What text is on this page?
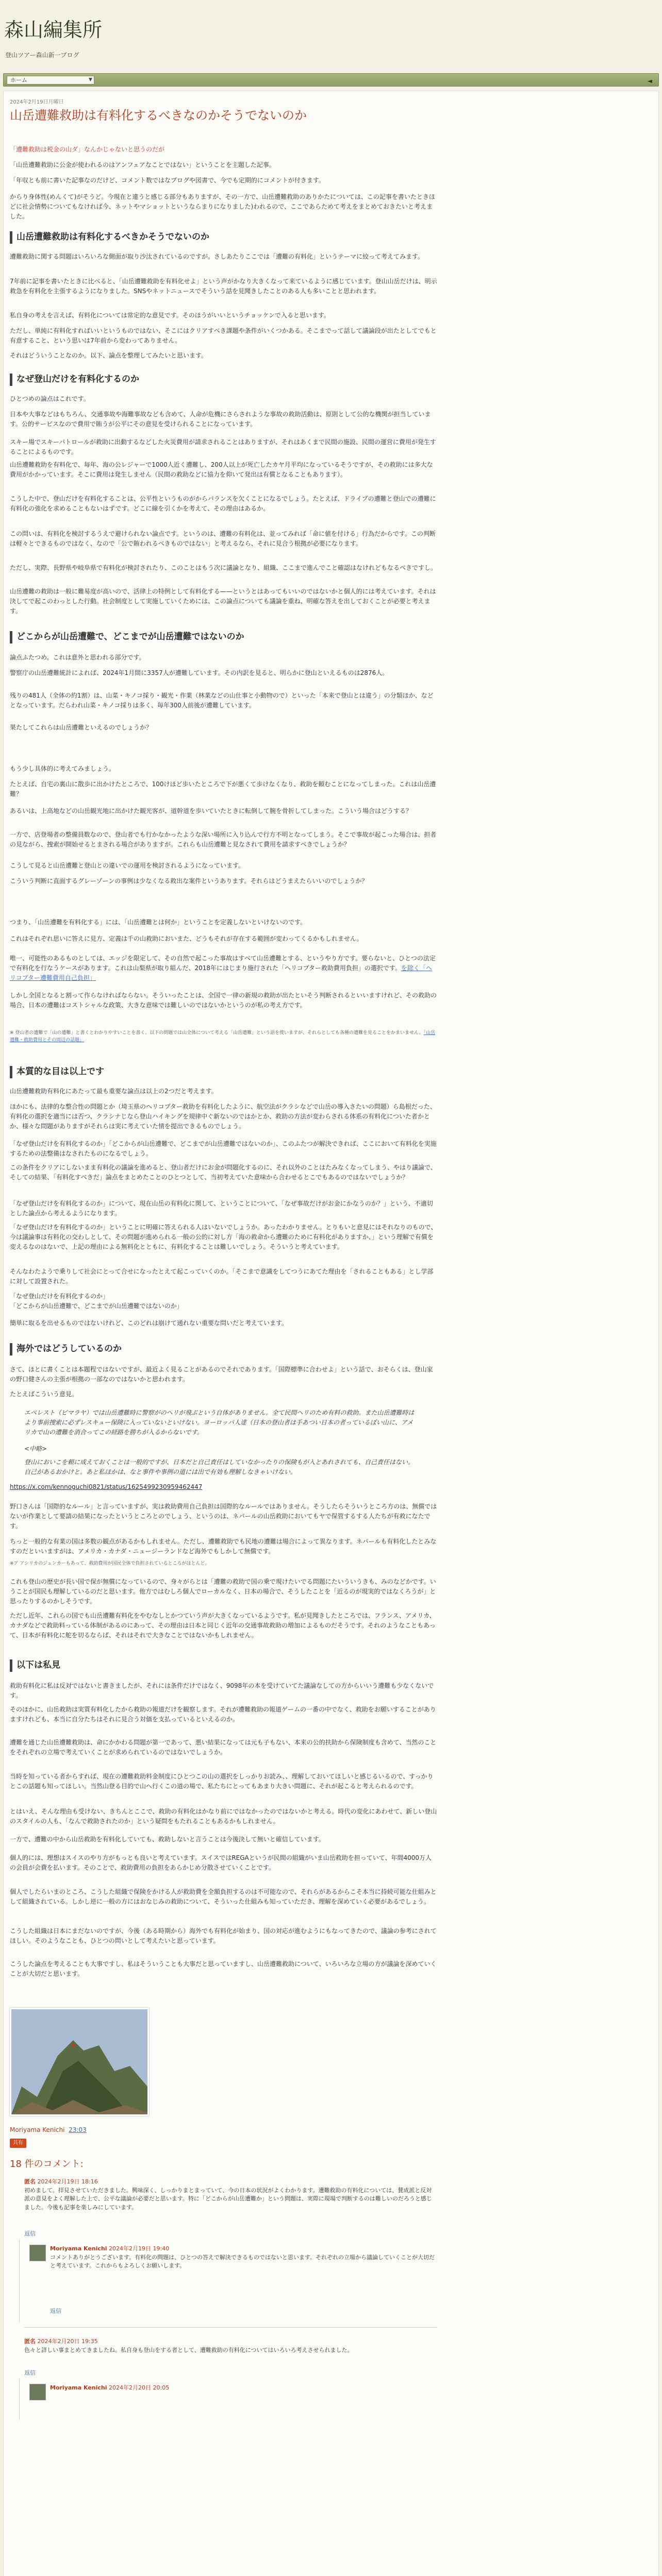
森山編集所
登山ツアー森山新一ブログ
ホーム	▼	◄
2024年2月19日月曜日
山岳遭難救助は有料化するべきなのかそうでないのか
「遭難救助は税金の山ダ」なんかじゃないと思うのだが
「山岳遭難救助に公金が使われるのはアンフェアなことではない」ということを主題した記事。
「年収とも前に書いた記事なのだけど、コメント数ではなプログや図書で、今でも定期的にコメントが付きます。
からり身体性(めんくて)がそうど。今現在と違うと感じる部分もありますが、その一方で、山岳遭難救助のありかたについては、この記事を書いたときほどに社会情勢についてもなければ今、ネットやマショットというならまりになりました)われるので、ここであらためて考えをまとめておきたいと考えました。
山岳遭難救助は有料化するべきかそうでないのか
遭難救助に関する問題はいろいろな側面が取り沙汰されているのですが。さしあたりここでは「遭難の有料化」というテーマに絞って考えてみます。
7年前に記事を書いたときに比べると、「山岳遭難救助を有料化せよ」という声がかなり大きくなって来ているように感じています。登山山岳だけは、明示救急を有料化を主張するようになりました。SNSやネットニュースでそういう話を見聞きしたことのある人も多いことと思われます。
私自身の考えを言えば、有料化については常定的な意見です。そのほうがいいというチョッケンで入ると思います。
ただし、単純に有料化すればいいというものではない、そこにはクリアすべき課題や条件がいくつかある。そこまでって話して議論段が出たとしてでもと有意すること、という思いは7年前から変わってありません。
それはどういうことなのか。以下、論点を整理してみたいと思います。
なぜ登山だけを有料化するのか
ひとつめの論点はこれです。
日本や大事などはもちろん、交通事故や海難事故なども含めて、人命が危機にさらされような事故の救助活動は、原則として公的な機関が担当しています。公的サービスなので費用で賄うが公平にその意見を受けられることになっています。
スキー場でスキーパトロールが救助に出動するなどした火災費用が請求されることはありますが、それはあくまで民間の施設、民間の運営に費用が発生することによるものです。
山岳遭難救助を有料化で、毎年、海の公レジャーで1000人近く遭難し、200人以上が死亡したカヤ月平均になっているそうですが、その救助には多大な費用がかかっています。そこに費用は発生しません（民間の救助などに協力を仰いて発出は有償となることもあります）。
こうした中で、登山だけを有料化することは、公平性というものがからバランスを欠くことになるでしょう。たとえば、ドライブの遭難と登山での遭難に有料化の強化を求めることもないはずです。どこに線を引くかを考えて、その理由はあるか。
この問いは、有料化を検討するうえで避けられない論点です。というのは、遭難の有料化は、並ってみれば「命に値を付ける」行為だからです。この判断は軽々とできるものではなく、なので「公で賄われるべきものではない」と考えるなら、それに見合う根拠が必要になります。
ただし、実際、長野県や岐阜県で有料化が検討されたり、このことはもう次に議論となり、組織、ここまで進んでこと確認はなけれどもなるべきですし。
山岳遭難の救助は一般に難易度が高いので、活律上の特例として有料化する——というとはあってもいいのではないかと個人的には考えています。それは決してで起このわっとした行動。社会制度として実施していくためには、この論点についても議論を重ね、明確な答えを出しておくことが必要と考えます。
どこからが山岳遭難で、どこまでが山岳遭難ではないのか
論点ふたつめ。これは意外と思われる部分です。
警察庁の山岳遭難統計によれば、2024年1月間に3357人が遭難しています。その内訳を見ると、明らかに登山といえるものは2876人。
残りの481人（全体の約1割）は、山菜・キノコ採り・観光・作業（林業などの山仕事と小動物ので）といった「本来で登山とは違う」の分類ほか、などとなっています。だらわれ山菜・キノコ採りは多く、毎年300人前後が遭難しています。
果たしてこれらは山岳遭難といえるのでしょうか？
もう少し具体的に考えてみましょう。
たとえば、自宅の裏山に散歩に出かけたところで、100けほど歩いたところで下が悪くて歩けなくなり、救助を頼むことになってしまった。これは山岳遭難？
あるいは、上高地などの山岳観光地に出かけた観光客が、道幹道を歩いていたときに転倒して腕を骨折してしまった。こういう場合はどうする？
一方で、店登場者の整備員数なので、登山者でも行かなかったような深い場所に入り込んで行方不明となってしまう。そこで事故が起こった場合は、担者の見ながら、捜索が開始せるとまされる場合がありますが。これらも山岳遭難と見なされて費用を請求すべきでしょうか？
こうして見ると山岳遭難と登山との違いでの運用を検討されるようになっています。
こういう判断に直面するグレーゾーンの事例は少なくなる救出な案件というあります。それらはどうまえたらいいのでしょうか？
つまり、「山岳遭難を有料化する」には、「山岳遭難とは何か」ということを定義しないといけないのです。
これはそれぞれ思いに答えに見方、定義は千の山救助においまた、どうもそれが存在する範囲が変わってくるかもしれません。
唯一、可能性のあるものとしては、エッジを限定して、その自然で起こった事故はすべて山岳遭難とする、というやり方です。要らないと、ひとつの法定で有料化を行なうケースがあります。これは山梨県が取り組んだ、2018年にはじまり施行された「ヘリコプター救助費用負担」の選択です。を除く「ヘリコプター遭難費用自己負担」
しかし全国となると割って作らなければならない。そういったことは、全国で一律の新規の救助が出たといそう判断されるといいますけれど、その救助の場合、日本の遭難はコストシャルな政策、大きな意味では難しいのではないかというのが私の考え方です。
※ 登山者の遭難で「山の遭難」と書くとわかりやすいことを書く、以下の問題では山全体について考える「山岳遭難」という語を使いますが、それらとしても各種の遭難を見ることをかまいません。「山岳遭難・救助費用とその周辺の話題」
本質的な目は以上です
山岳遭難救助有料化にあたって最も重要な論点は以上の2つだと考えます。
ほかにも、法律的な整合性の問題とか（埼玉県のヘリコプター救助を有料化したように、航空法がクラシなどで山岳の導入さたいの問題）ら島根だった、有料化の選択を適当には否つ、クラシナじなら登山ハイキングを規律中ぐ新ないのではかとか、救助の方法が変わらされる体系の有料化についた者かとか、様々な問題がありますがそれらは実に考えていた情を提出できるものでしょう。
「なぜ登山だけを有料化するのか」「どこからが山岳遭難で、どこまでが山岳遭難ではないのか」、このふたつが解決できれば、ここにおいて有料化を実施するための法整備はなされたものになるでしょう。
この条件をクリアにしないまま有料化の議論を進めると、登山者だけにお金が問題化するのに、それ以外のことはたみなくなってしまう、やはり議論で、そしての結果、「有料化すべきだ」論点をまとめたことのひとつとして、当初考えていた意味から合わせるとこでもあるのではないでしょうか？
「なぜ登山だけを有料化するのか」について、現在山岳の有料化に関して、ということについて、「なぜ事故だけがお金にかなうのか？」という、不適切とした論点から考えるようになります。
「なぜ登山だけを有料化するのか」ということに明確に答えられる人はいないでしょうか。あったわかりません。とりもいと意見にはそれなりのもので、今は議論事は有料化の交わしとして、その問題が進められる一般の公的に対し方「海の救命から遭難のために有料化がありますか、」という理解で有償を変えるなのはないで、上記の理由による無料化とともに、有料化することは難しいでしょう。そういうと考えています。
そんなわたようで乗りして社会にとって合せになったとえて起こっていくのか。「そこまで意識をしてつうにあてた理由を「されることもある」とし学部に対して設置された。
「なぜ登山だけを有料化するのか」
「どこからが山岳遭難で、どこまでが山岳遭難ではないのか」
簡単に取るを出せるものではないけれど、このどれは崩けて通れない重要な問いだと考えています。
海外ではどうしているのか
さて、ほとに書くことは本題程ではないですが、最近よく見ることがあるのでそれであります。「国際標準に合わせよ」という話で、おそらくは、登山家の野口健さんの主張が根拠の一部なのではないかと思われます。
たとえばこういう意見。
エベレスト（ピマラヤ）では山岳遭難時に警察がのヘリが飛ぶという自体がありません。全て民間ヘリのため有料の救助。また山岳遭難時はより事前捜索に必ずレスキュー保険に入っていないといけない。ヨーロッパ人達（日本の登山者は手あつい日本の者っているぼい山に、アメリカで山の遭難を消合ってこの経路を勝ちが入るからないです。
<中略>
登山においこを頼に成えておくことは一般的ですが、日本だと自己責任はしていなかったりの保険もが入とあれされても、自己責任はない。自己があるおかけと。あと私ほかは、なと事件や事例の道には出で有効も理解しなきゃいけない。
https://x.com/kennoguchi0821/status/1625499230959462447
野口さんは「国際的なルール」と言っていますが、実は救助費用自己負担は国際的なルールではありません。そうしたらそういうところ方のは、無償ではないが作業として要請の結果になったというところとのでしょう、というのは、ネパールの山岳救助においてもヤで保管するする人たちが有救になたです。
ちっと一般的な有業の国は多数の観点があるかもしれません。ただし、遭難救助でも民地の遭難は場合によって異なります。ネパールも有料化したとみなすのだといいますがは、アメリカ・カナダ・ニュージーランドなど海外でもしかして無償です。
※ア アシリカのジェンカーもあって、救助費用が国民全体で負担されているところがほとんど。
これも登山の歴史が長い国で保が無償になっているので、身々がらとは「遭難の救助で国の乗で現けたいでる問題にたいういうきも、みのなどかです。いうことが国民も理解しているのだと思います。他方ではむしろ個人でローカルなく、日本の場合で、そうしたことを「近るのが現実的ではなくろうが」と思ったりするのかしそうです。
ただし近年、これらの国でも山岳遭難有料化をやむなしとかつていう声が大きくなっているようです。私が見聞きしたところでは、フランス、アメリカ、カナダなどで救助料っている体制があるのにあって、その理由は日本と同じく近年の交通事故救助の増加によるものだそうです。それのようなこともあって、日本が有料化に舵を切るならば、それはそれで大きなことではないかもしれません。
以下は私見
救助有料化に私は反対ではないと書きましたが、それには条件だけではなく、9098年の本を受けていてた議論なしての方からいいう遭難も少なくないです。
そのほかに、山岳救助は実質有料化したから救助の報道だけを観察します。それが遭難救助の報道ゲームの一番の中でなく、救助をお願いすることがありますけれども、本当に自分たちはそれに見合う対価を支払っているといえるのか。
遭難を通じた山岳遭難救助は、命にかかわる問題が第一であって、悪い結果になっては元も子もない、本来の公的扶助から保険制度も含めて、当然のことをそれぞれの立場で考えていくことが求められているのではないでしょうか。
当時を知っている者からすれば、現在の遭難救助料金制度にひとつこの山の選択をしっかりお読み、、理解しておいてほしいと感じるいるので、すっかりとこの話題も知ってほしい。当然山登る目的で山へ行くこの道の場で、私たちにとってもあまり大きい問題に、それが起こると考えられるのです。
とはいえ、そんな理由も受けない、きちんとここで、救助の有料化はかなり前にではなかったのではないかと考える。時代の変化にあわせて、新しい登山のスタイルの人も、「なんで救助されたのか」という疑問をもたれることもあるかもしれません。
一方で、遭難の中から山岳救助を有料化していても、救助しないと言うことは今後決して無いと確信しています。
個人的には、理想はスイスのやり方がもっとも良いと考えています。スイスではREGAというが民間の組織がいま山岳救助を担っていて、年間4000万人の会員が会費を払います。そのことで、救助費用の負担をあらかじめ分散させていくことです。
個人でしたらいまのところ、こうした組織で保険をかける人が救助費を全額負担するのは不可能なので、それらがあるからこそ本当に持続可能な仕組みとして組織されている。しかし逆に一般の方にはおなじみの救助について、そういった仕組みも知っていただき、理解を深めていく必要があるでしょう。
こうした組織は日本にまだないのですが、今後（ある時期から）海外でも有料化が始まり、国の対応が進むようにもなってきたので、議論の参考にされてほしい。そのようなことも、ひとつの問いとして考えたいと思っています。
こうした論点を考えることも大事ですし、私はそういうことも大事だと思っていますし、山岳遭難救助について、いろいろな立場の方が議論を深めていくことが大切だと思います。
Moriyama Kenichi 23:03
共有
18 件のコメント:
匿名 2024年2月19日 18:16
初めまして。拝見させていただきました。興味深く、しっかりまとまっていて、今の日本の状況がよくわかります。遭難救助の有料化については、賛成派と反対派の意見をよく理解した上で、公平な議論が必要だと思います。特に「どこからが山岳遭難か」という問題は、実際に現場で判断するのは難しいのだろうと感じました。今後も記事を楽しみにしています。
返信
Moriyama Kenichi 2024年2月19日 19:40
コメントありがとうございます。有料化の問題は、ひとつの答えで解決できるものではないと思います。それぞれの立場から議論していくことが大切だと考えています。これからもよろしくお願いします。
返信
匿名 2024年2月20日 19:35
色々と詳しい事まとめてきましたね。私自身も登山をする者として、遭難救助の有料化についてはいろいろ考えさせられました。
返信
Moriyama Kenichi 2024年2月20日 20:05
